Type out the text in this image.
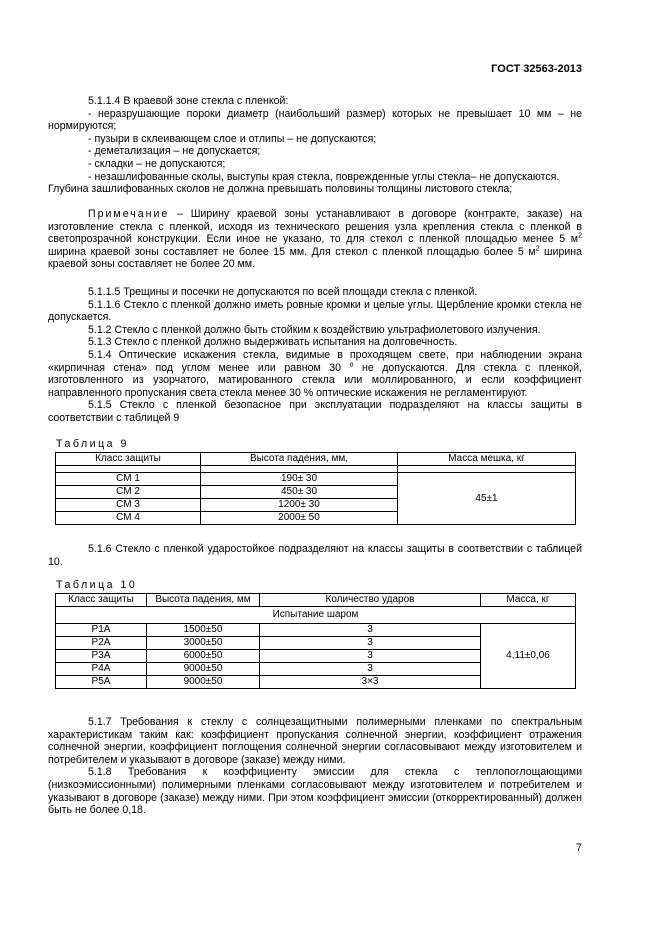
ГОСТ 32563-2013

5.1.1.4 В краевой зоне стекла с пленкой:

- неразрушающие пороки диаметр (наибольший размер) которых не превышает 10 мм – не нормируются;

- пузыри в склеивающем слое и отлипы – не допускаются;

- деметализация – не допускается;

- складки – не допускаются;

- незашлифованные сколы, выступы края стекла, поврежденные углы стекла– не допускаются.

Глубина зашлифованных сколов не должна превышать половины толщины листового стекла;

Примечание – Ширину краевой зоны устанавливают в договоре (контракте, заказе) на изготовление стекла с пленкой, исходя из технического решения узла крепления стекла с пленкой в светопрозрачной конструкции. Если иное не указано, то для стекол с пленкой площадью менее 5 $м^2$ ширина краевой зоны составляет не более 15 мм. Для стекол с пленкой площадью более 5 $м^2$ ширина краевой зоны составляет не более 20 мм.

5.1.1.5 Трещины и посечки не допускаются по всей площади стекла с пленкой.

5.1.1.6 Стекло с пленкой должно иметь ровные кромки и целые углы. Щербление кромки стекла не допускается.

5.1.2 Стекло с пленкой должно быть стойким к воздействию ультрафиолетового излучения.

5.1.3 Стекло с пленкой должно выдерживать испытания на долговечность.

5.1.4 Оптические искажения стекла, видимые в проходящем свете, при наблюдении экрана «кирпичная стена» под углом менее или равном 30 $^о$ не допускаются. Для стекла с пленкой, изготовленного из узорчатого, матированного стекла или моллированного, и если коэффициент направленного пропускания света стекла менее 30 % оптические искажения не регламентируют.

5.1.5 Стекло с пленкой безопасное при эксплуатации подразделяют на классы защиты в соответствии с таблицей 9

Таблица 9
Класс защиты	Высота падения, мм,	Масса мешка, кг

СМ 1	190± 30	45±1
СМ 2	450± 30	
СМ 3	1200± 30	
СМ 4	2000± 50	

5.1.6 Стекло с пленкой ударостойкое подразделяют на классы защиты в соответствии с таблицей 10.

Таблица 10
Класс защиты	Высота падения, мм	Количество ударов	Масса, кг
Испытание шаром			
Р1А	1500±50	3	4,11±0,06
Р2А	3000±50	3	
Р3А	6000±50	3	
Р4А	9000±50	3	
Р5А	9000±50	3×3	

5.1.7 Требования к стеклу с солнцезащитными полимерными пленками по спектральным характеристикам таким как: коэффициент пропускания солнечной энергии, коэффициент отражения солнечной энергии, коэффициент поглощения солнечной энергии согласовывают между изготовителем и потребителем и указывают в договоре (заказе) между ними.

5.1.8 Требования к коэффициенту эмиссии для стекла с теплопоглощающими (низкоэмиссионными) полимерными пленками согласовывают между изготовителем и потребителем и указывают в договоре (заказе) между ними. При этом коэффициент эмиссии (откорректированный) должен быть не более 0,18.

7
